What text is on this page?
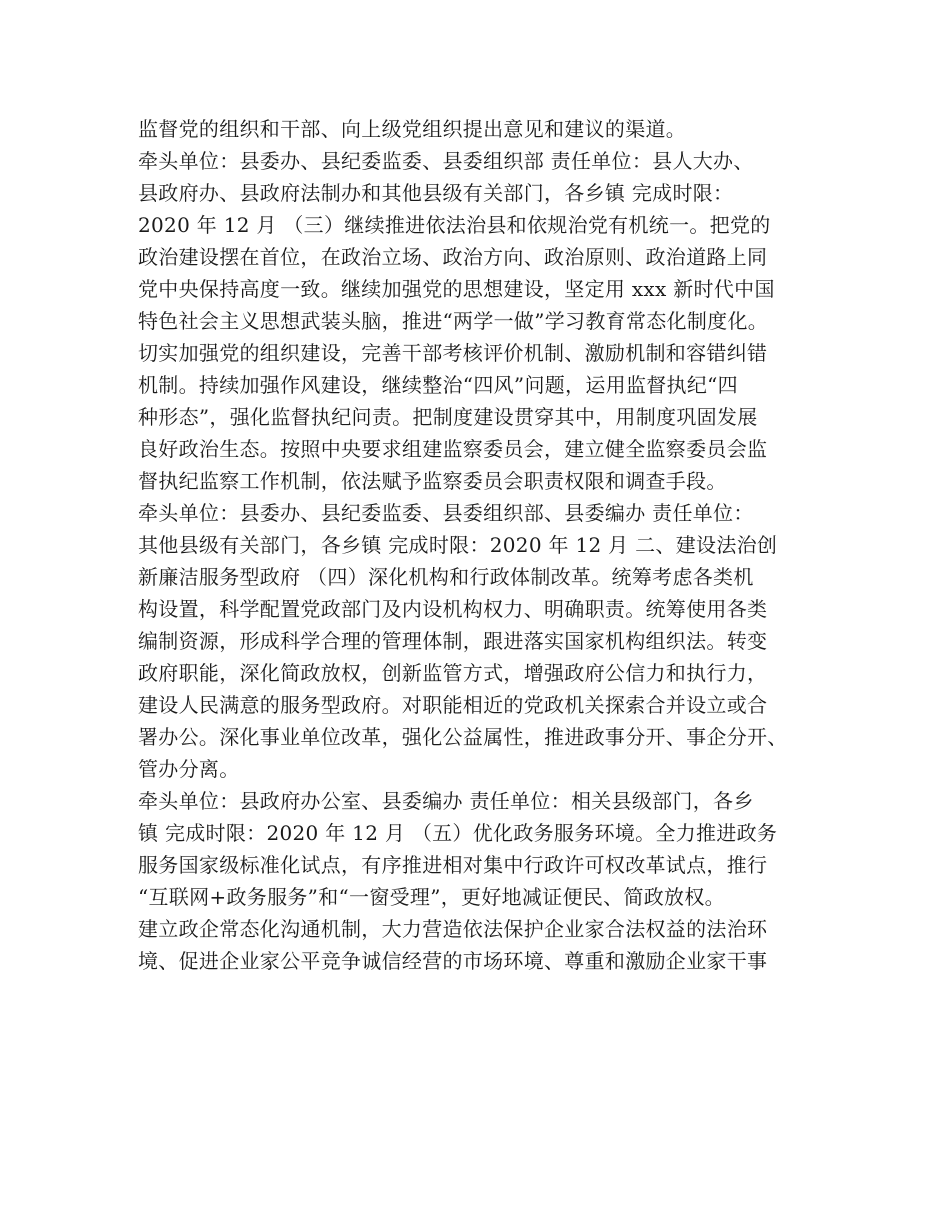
监督党的组织和干部、向上级党组织提出意见和建议的渠道。
牵头单位：县委办、县纪委监委、县委组织部 责任单位：县人大办、
县政府办、县政府法制办和其他县级有关部门，各乡镇 完成时限：
2020 年 12 月 （三）继续推进依法治县和依规治党有机统一。把党的
政治建设摆在首位，在政治立场、政治方向、政治原则、政治道路上同
党中央保持高度一致。继续加强党的思想建设，坚定用 xxx 新时代中国
特色社会主义思想武装头脑，推进“两学一做”学习教育常态化制度化。
切实加强党的组织建设，完善干部考核评价机制、激励机制和容错纠错
机制。持续加强作风建设，继续整治“四风”问题，运用监督执纪“四
种形态”，强化监督执纪问责。把制度建设贯穿其中，用制度巩固发展
良好政治生态。按照中央要求组建监察委员会，建立健全监察委员会监
督执纪监察工作机制，依法赋予监察委员会职责权限和调查手段。
牵头单位：县委办、县纪委监委、县委组织部、县委编办 责任单位：
其他县级有关部门，各乡镇 完成时限：2020 年 12 月 二、建设法治创
新廉洁服务型政府 （四）深化机构和行政体制改革。统筹考虑各类机
构设置，科学配置党政部门及内设机构权力、明确职责。统筹使用各类
编制资源，形成科学合理的管理体制，跟进落实国家机构组织法。转变
政府职能，深化简政放权，创新监管方式，增强政府公信力和执行力，
建设人民满意的服务型政府。对职能相近的党政机关探索合并设立或合
署办公。深化事业单位改革，强化公益属性，推进政事分开、事企分开、
管办分离。
牵头单位：县政府办公室、县委编办 责任单位：相关县级部门，各乡
镇 完成时限：2020 年 12 月 （五）优化政务服务环境。全力推进政务
服务国家级标准化试点，有序推进相对集中行政许可权改革试点，推行
“互联网+政务服务”和“一窗受理”，更好地减证便民、简政放权。
建立政企常态化沟通机制，大力营造依法保护企业家合法权益的法治环
境、促进企业家公平竞争诚信经营的市场环境、尊重和激励企业家干事
